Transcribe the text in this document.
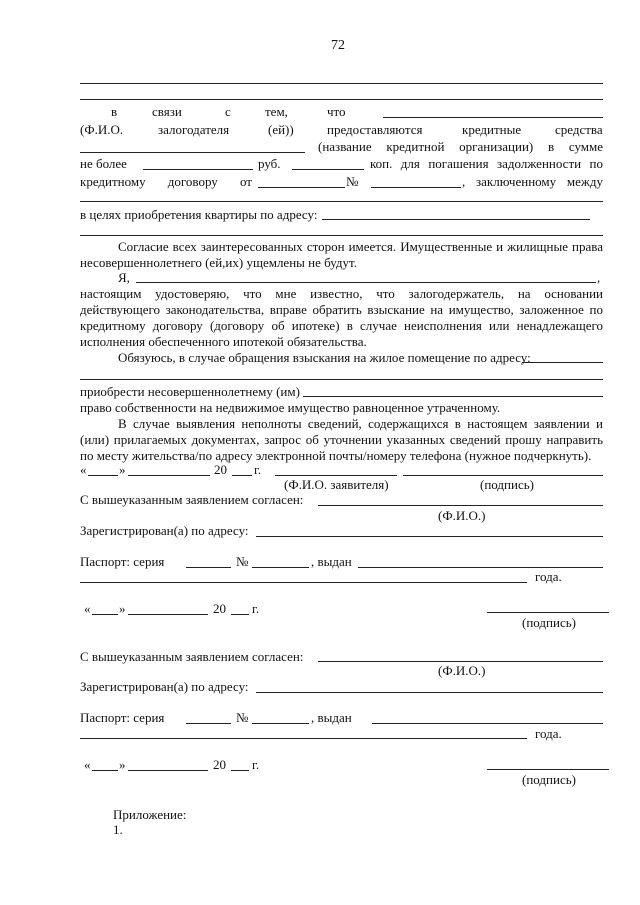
72
в	связи	с	тем,	что
(Ф.И.О.	залогодателя	(ей))	предоставляются	кредитные	средства
(название кредитной организации) в сумме
не более	руб.	коп. для погашения задолженности по
кредитному договору от	№	, заключенному между
в целях приобретения квартиры по адресу:
Согласие всех заинтересованных сторон имеется. Имущественные и жилищные права
несовершеннолетнего (ей,их) ущемлены не будут.
Я,	,
настоящим удостоверяю, что мне известно, что залогодержатель, на основании
действующего законодательства, вправе обратить взыскание на имущество, заложенное по
кредитному договору (договору об ипотеке) в случае неисполнения или ненадлежащего
исполнения обеспеченного ипотекой обязательства.
Обязуюсь, в случае обращения взыскания на жилое помещение по адресу:
приобрести несовершеннолетнему (им)
право собственности на недвижимое имущество равноценное утраченному.
В случае выявления неполноты сведений, содержащихся в настоящем заявлении и
(или) прилагаемых документах, запрос об уточнении указанных сведений прошу направить
по месту жительства/по адресу электронной почты/номеру телефона (нужное подчеркнуть).
«	»	20 г.
(Ф.И.О. заявителя)	(подпись)
С вышеуказанным заявлением согласен:
(Ф.И.О.)
Зарегистрирован(а) по адресу:
Паспорт: серия	№	, выдан
года.
« »	20 г.
(подпись)
С вышеуказанным заявлением согласен:
(Ф.И.О.)
Зарегистрирован(а) по адресу:
Паспорт: серия	№	, выдан
года.
« »	20 г.
(подпись)
Приложение:
1.
